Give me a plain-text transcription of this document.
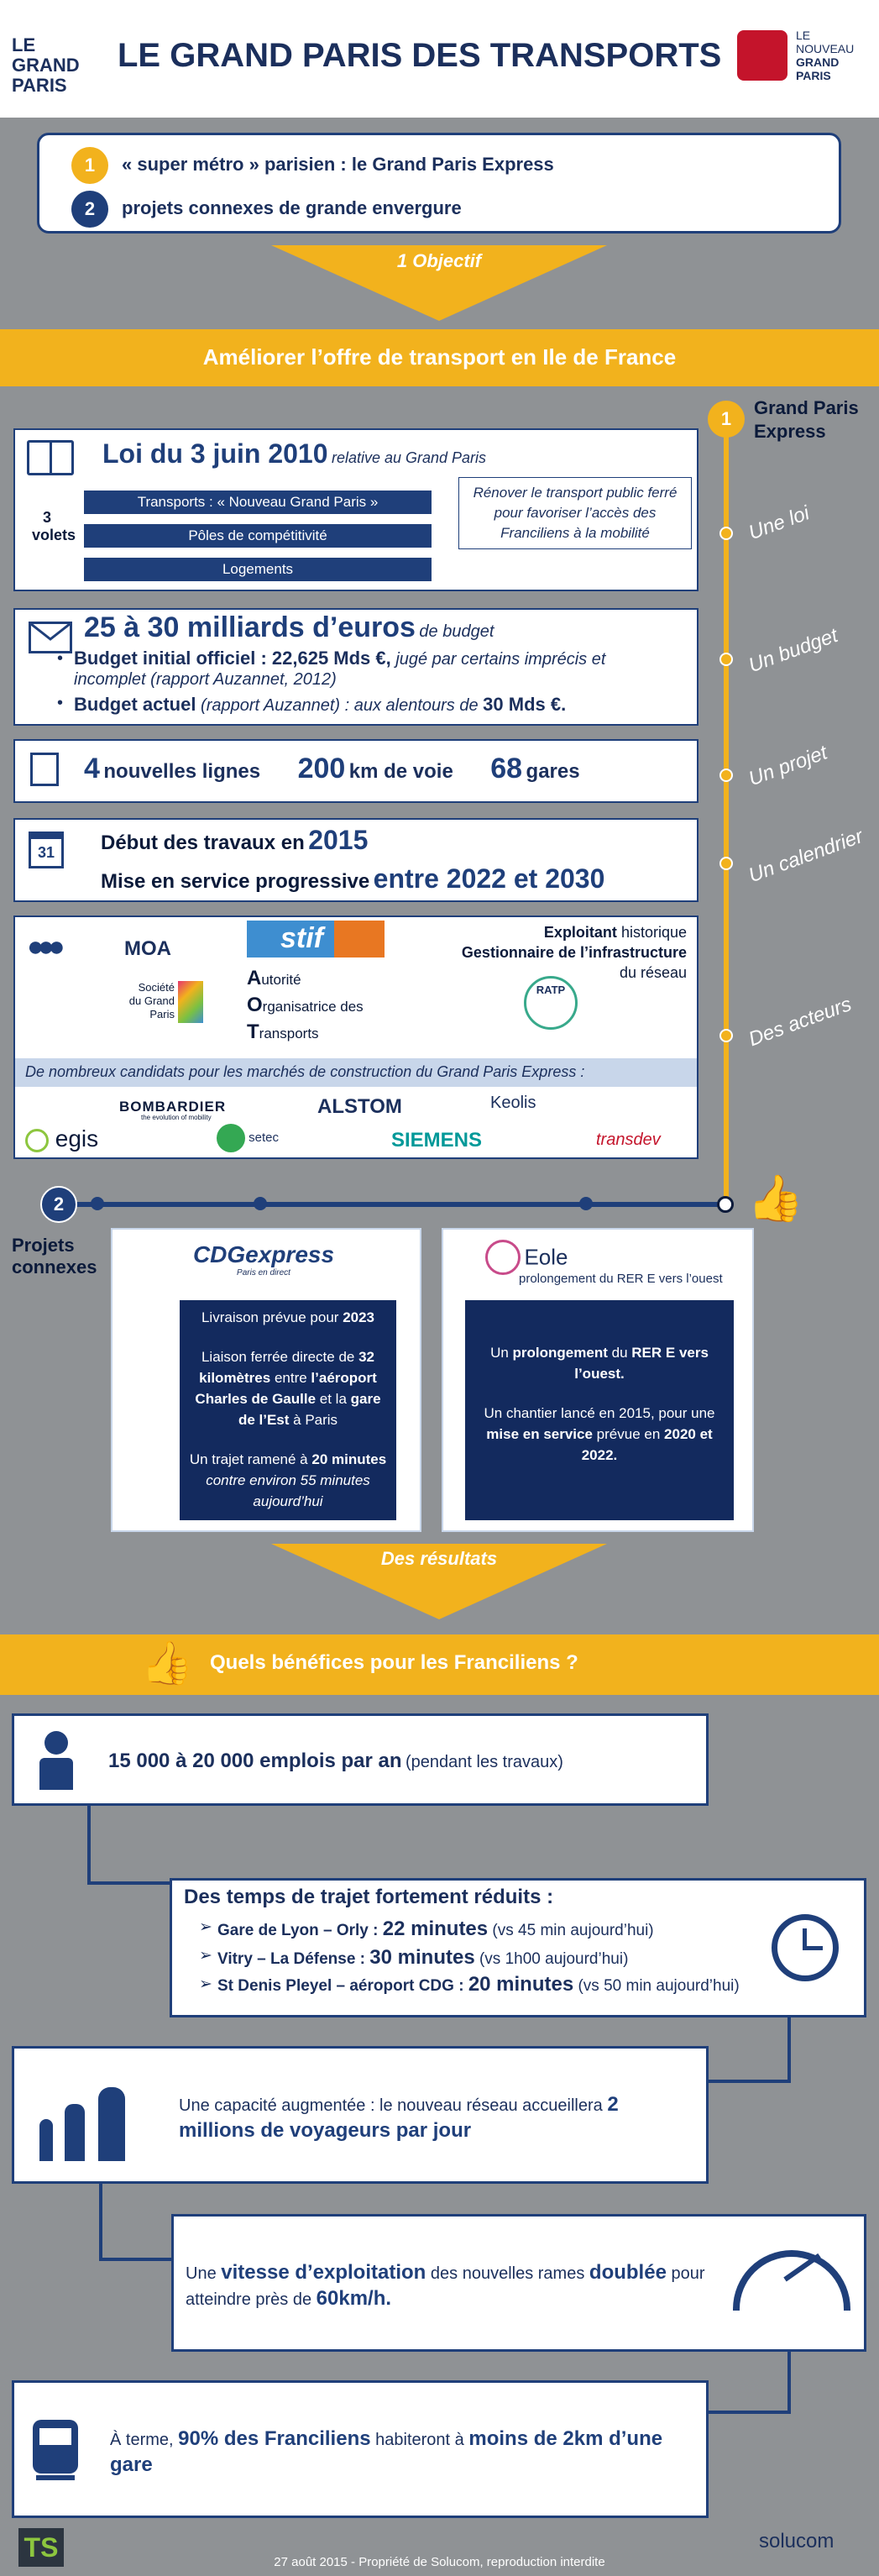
LE GRAND PARIS
LE GRAND PARIS DES TRANSPORTS
LE
NOUVEAU
GRAND
PARIS
1	« super métro » parisien : le Grand Paris Express
2	projets connexes de grande envergure
1 Objectif
Améliorer l’offre de transport en Ile de France
1
Grand Paris Express
Une loi
Un budget
Un projet
Un calendrier
Des acteurs
Loi du 3 juin 2010 relative au Grand Paris
3 volets
Transports : « Nouveau Grand Paris »
Pôles de compétitivité
Logements
Rénover le transport public ferré pour favoriser l’accès des Franciliens à la mobilité
25 à 30 milliards d’euros de budget
• Budget initial officiel : 22,625 Mds €, jugé par certains imprécis et incomplet (rapport Auzannet, 2012)
• Budget actuel (rapport Auzannet) : aux alentours de 30 Mds €.
4 nouvelles lignes 200 km de voie 68 gares
31	Début des travaux en 2015
Mise en service progressive entre 2022 et 2030
●●●	MOA
Société
du Grand
Paris
stif
Autorité
Organisatrice des
Transports
Exploitant historique
Gestionnaire de l’infrastructure
du réseau
RATP
De nombreux candidats pour les marchés de construction du Grand Paris Express :
BOMBARDIER
the evolution of mobility	ALSTOM	Keolis
egis	setec	SIEMENS	transdev
2	👍
Projets
connexes	CDGexpress
Paris en direct
Livraison prévue pour 2023
Liaison ferrée directe de 32 kilomètres entre l’aéroport Charles de Gaulle et la gare de l’Est à Paris
Un trajet ramené à 20 minutes contre environ 55 minutes aujourd’hui
Eole
prolongement du RER E vers l’ouest
Un prolongement du RER E vers l’ouest.
Un chantier lancé en 2015, pour une mise en service prévue en 2020 et 2022.
Des résultats
👍 Quels bénéfices pour les Franciliens ?
15 000 à 20 000 emplois par an (pendant les travaux)
Des temps de trajet fortement réduits :
➢ Gare de Lyon – Orly : 22 minutes (vs 45 min aujourd’hui)
➢ Vitry – La Défense : 30 minutes (vs 1h00 aujourd’hui)
➢ St Denis Pleyel – aéroport CDG : 20 minutes (vs 50 min aujourd’hui)
Une capacité augmentée : le nouveau réseau accueillera 2 millions de voyageurs par jour
Une vitesse d’exploitation des nouvelles rames doublée pour atteindre près de 60km/h.
À terme, 90% des Franciliens habiteront à moins de 2km d’une gare
TS	27 août 2015 - Propriété de Solucom, reproduction interdite
solucom
